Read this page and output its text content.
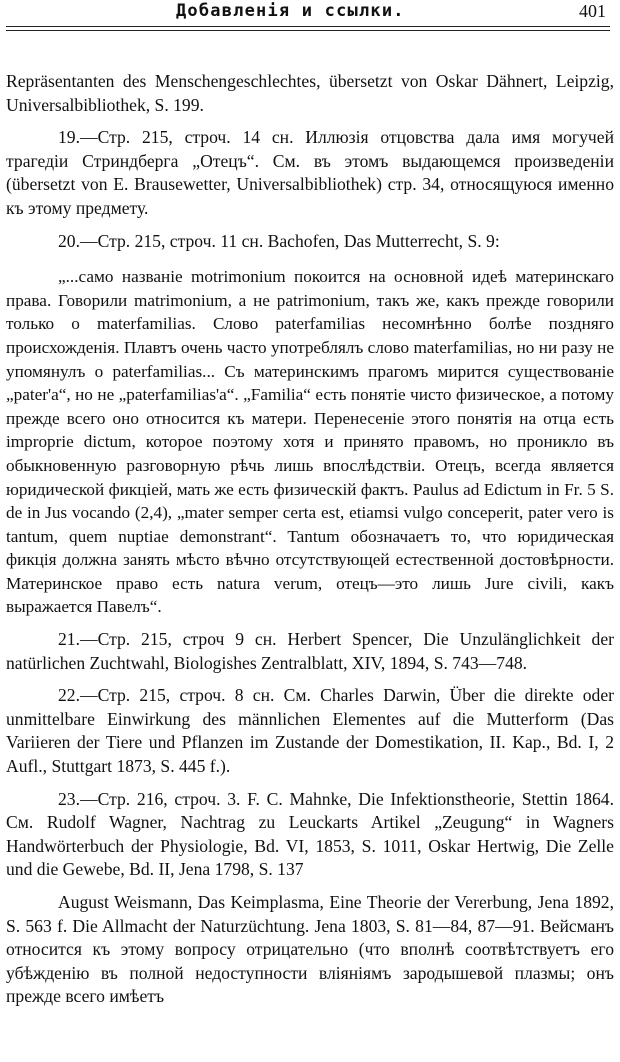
Добавленія и ссылки.	401

Repräsentanten des Menschengeschlechtes, übersetzt von Oskar Dähnert, Leipzig, Universalbibliothek, S. 199.

19.—Стр. 215, строч. 14 сн. Иллюзія отцовства дала имя могучей трагедіи Стриндберга „Отецъ“. См. въ этомъ выдающемся произведеніи (übersetzt von E. Brausewetter, Universalbibliothek) стр. 34, относящуюся именно къ этому предмету.

20.—Стр. 215, строч. 11 сн. Bachofen, Das Mutterrecht, S. 9:

„...само названіе motrimonium покоится на основной идеѣ материнскаго права. Говорили matrimonium, а не patrimonium, такъ же, какъ прежде говорили только о materfamilias. Слово paterfamilias несомнѣнно болѣе поздняго происхожденія. Плавтъ очень часто употреблялъ слово materfamilias, но ни разу не упомянулъ о paterfamilias... Съ материнскимъ прагомъ мирится существованіе „pater'a“, но не „paterfamilias'a“. „Familia“ есть понятіе чисто физическое, а потому прежде всего оно относится къ матери. Перенесеніе этого понятія на отца есть improprie dictum, которое поэтому хотя и принято правомъ, но проникло въ обыкновенную разговорную рѣчь лишь впослѣдствіи. Отецъ, всегда является юридической фикціей, мать же есть физическій фактъ. Paulus ad Edictum in Fr. 5 S. de in Jus vocando (2,4), „mater semper certa est, etiamsi vulgo conceperit, pater vero is tantum, quem nuptiae demonstrant“. Tantum обозначаетъ то, что юридическая фикція должна занять мѣсто вѣчно отсутствующей естественной достовѣрности. Материнское право есть natura verum, отецъ—это лишь Jure civili, какъ выражается Павелъ“.

21.—Стр. 215, строч 9 сн. Herbert Spencer, Die Unzulänglichkeit der natürlichen Zuchtwahl, Biologishes Zentralblatt, XIV, 1894, S. 743—748.

22.—Стр. 215, строч. 8 сн. См. Charles Darwin, Über die direkte oder unmittelbare Einwirkung des männlichen Elementes auf die Mutterform (Das Variieren der Tiere und Pflanzen im Zustande der Domestikation, II. Kap., Bd. I, 2 Aufl., Stuttgart 1873, S. 445 f.).

23.—Стр. 216, строч. 3. F. C. Mahnke, Die Infektionstheorie, Stettin 1864. См. Rudolf Wagner, Nachtrag zu Leuckarts Artikel „Zeugung“ in Wagners Handwörterbuch der Physiologie, Bd. VI, 1853, S. 1011, Oskar Hertwig, Die Zelle und die Gewebe, Bd. II, Jena 1798, S. 137

August Weismann, Das Keimplasma, Eine Theorie der Vererbung, Jena 1892, S. 563 f. Die Allmacht der Naturzüchtung. Jena 1803, S. 81—84, 87—91. Вейсманъ относится къ этому вопросу отрицательно (что вполнѣ соотвѣтствуетъ его убѣжденію въ полной недоступности вліяніямъ зародышевой плазмы; онъ прежде всего имѣетъ
